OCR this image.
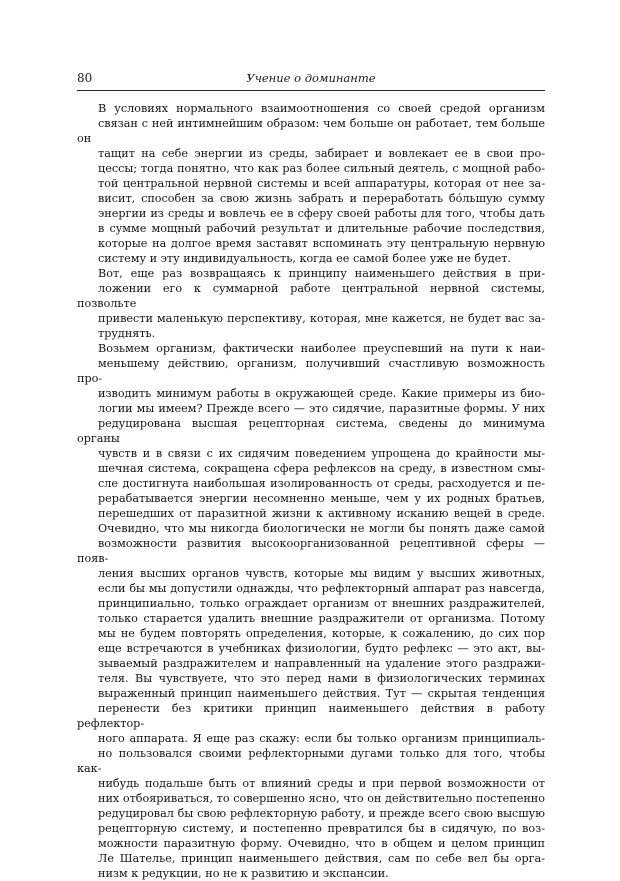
80	Учение о доминанте

В условиях нормального взаимоотношения со своей средой организм
связан с ней интимнейшим образом: чем больше он работает, тем больше он
тащит на себе энергии из среды, забирает и вовлекает ее в свои про-
цессы; тогда понятно, что как раз более сильный деятель, с мощной рабо-
той центральной нервной системы и всей аппаратуры, которая от нее за-
висит, способен за свою жизнь забрать и переработать бо́льшую сумму
энергии из среды и вовлечь ее в сферу своей работы для того, чтобы дать
в сумме мощный рабочий результат и длительные рабочие последствия,
которые на долгое время заставят вспоминать эту центральную нервную
систему и эту индивидуальность, когда ее самой более уже не будет.

Вот, еще раз возвращаясь к принципу наименьшего действия в при-
ложении его к суммарной работе центральной нервной системы, позвольте
привести маленькую перспективу, которая, мне кажется, не будет вас за-
труднять.

Возьмем организм, фактически наиболее преуспевший на пути к наи-
меньшему действию, организм, получивший счастливую возможность про-
изводить минимум работы в окружающей среде. Какие примеры из био-
логии мы имеем? Прежде всего — это сидячие, паразитные формы. У них
редуцирована высшая рецепторная система, сведены до минимума органы
чувств и в связи с их сидячим поведением упрощена до крайности мы-
шечная система, сокращена сфера рефлексов на среду, в известном смы-
сле достигнута наибольшая изолированность от среды, расходуется и пе-
рерабатывается энергии несомненно меньше, чем у их родных братьев,
перешедших от паразитной жизни к активному исканию вещей в среде.
Очевидно, что мы никогда биологически не могли бы понять даже самой
возможности развития высокоорганизованной рецептивной сферы — появ-
ления высших органов чувств, которые мы видим у высших животных,
если бы мы допустили однажды, что рефлекторный аппарат раз навсегда,
принципиально, только ограждает организм от внешних раздражителей,
только старается удалить внешние раздражители от организма. Потому
мы не будем повторять определения, которые, к сожалению, до сих пор
еще встречаются в учебниках физиологии, будто рефлекс — это акт, вы-
зываемый раздражителем и направленный на удаление этого раздражи-
теля. Вы чувствуете, что это перед нами в физиологических терминах
выраженный принцип наименьшего действия. Тут — скрытая тенденция
перенести без критики принцип наименьшего действия в работу рефлектор-
ного аппарата. Я еще раз скажу: если бы только организм принципиаль-
но пользовался своими рефлекторными дугами только для того, чтобы как-
нибудь подальше быть от влияний среды и при первой возможности от
них отбояриваться, то совершенно ясно, что он действительно постепенно
редуцировал бы свою рефлекторную работу, и прежде всего свою высшую
рецепторную систему, и постепенно превратился бы в сидячую, по воз-
можности паразитную форму. Очевидно, что в общем и целом принцип
Ле Шателье, принцип наименьшего действия, сам по себе вел бы орга-
низм к редукции, но не к развитию и экспансии.
